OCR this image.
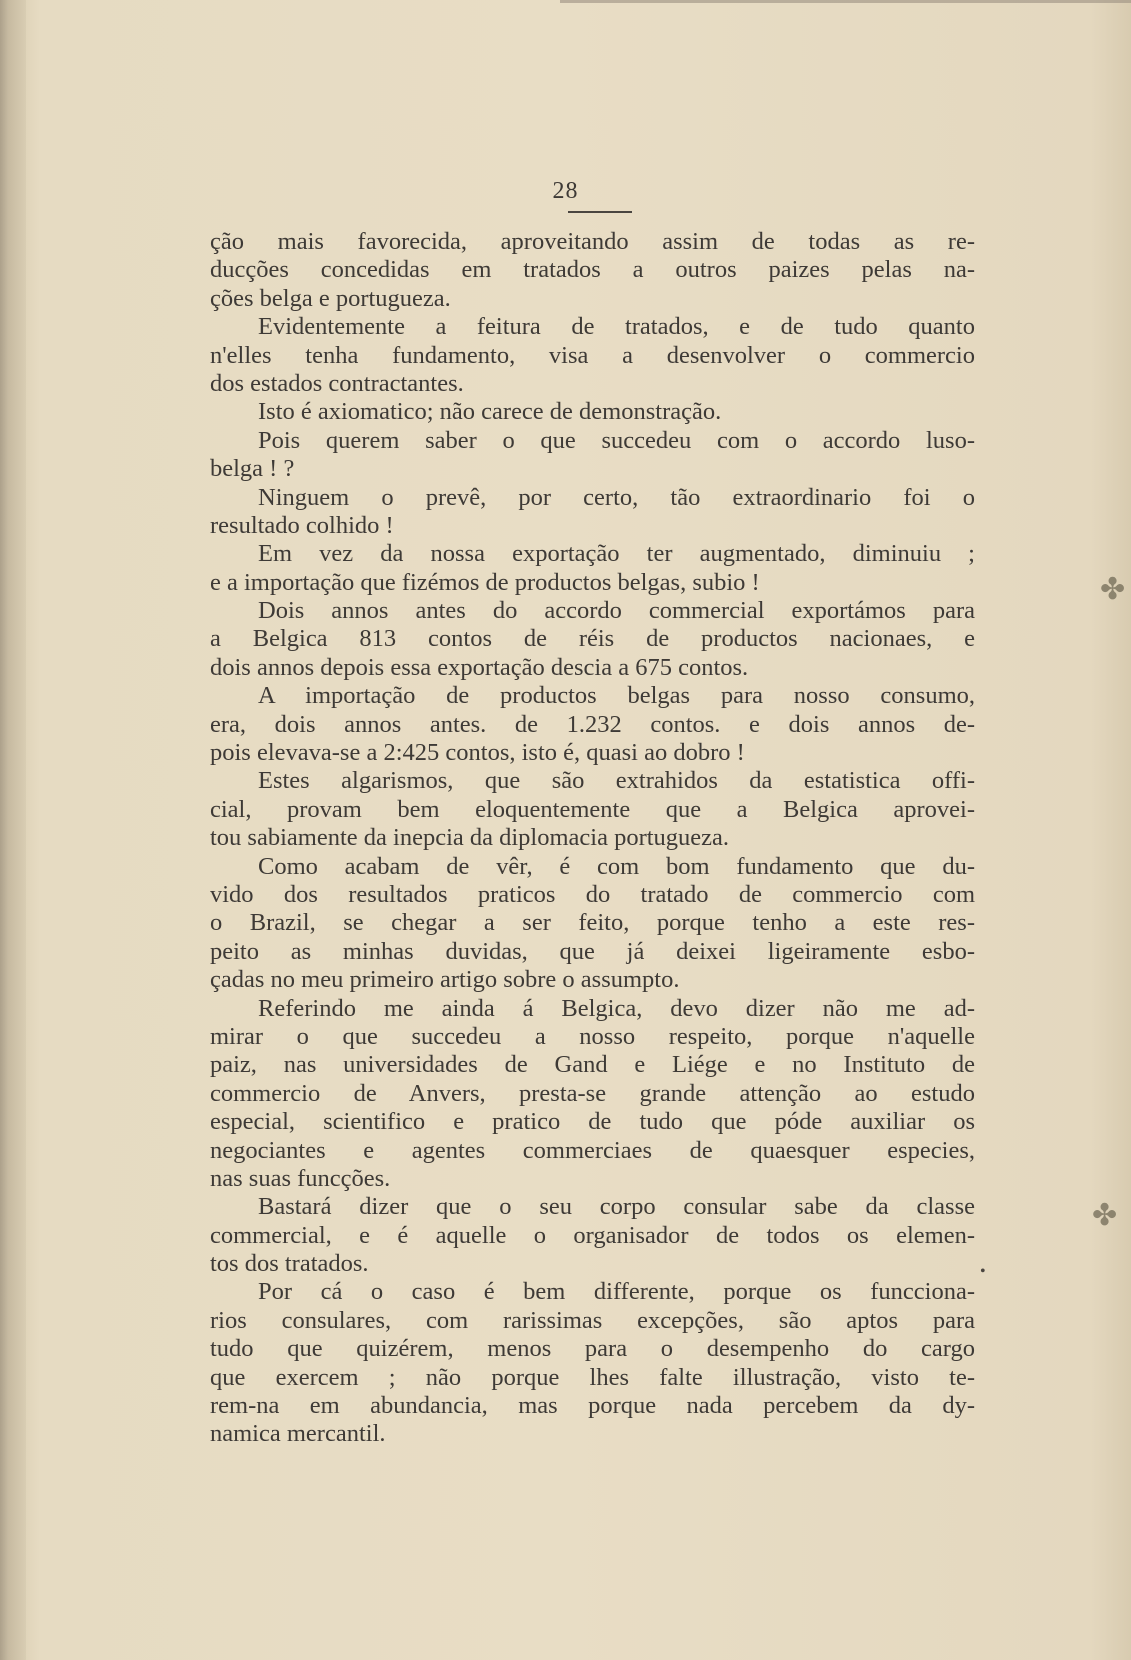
28
ção mais favorecida, aproveitando assim de todas as re-
ducções concedidas em tratados a outros paizes pelas na-
ções belga e portugueza.
Evidentemente a feitura de tratados, e de tudo quanto
n'elles tenha fundamento, visa a desenvolver o commercio
dos estados contractantes.
Isto é axiomatico; não carece de demonstração.
Pois querem saber o que succedeu com o accordo luso-
belga ! ?
Ninguem o prevê, por certo, tão extraordinario foi o
resultado colhido !
Em vez da nossa exportação ter augmentado, diminuiu ;
e a importação que fizémos de productos belgas, subio !
Dois annos antes do accordo commercial exportámos para
a Belgica 813 contos de réis de productos nacionaes, e
dois annos depois essa exportação descia a 675 contos.
A importação de productos belgas para nosso consumo,
era, dois annos antes. de 1.232 contos. e dois annos de-
pois elevava-se a 2:425 contos, isto é, quasi ao dobro !
Estes algarismos, que são extrahidos da estatistica offi-
cial, provam bem eloquentemente que a Belgica aprovei-
tou sabiamente da inepcia da diplomacia portugueza.
Como acabam de vêr, é com bom fundamento que du-
vido dos resultados praticos do tratado de commercio com
o Brazil, se chegar a ser feito, porque tenho a este res-
peito as minhas duvidas, que já deixei ligeiramente esbo-
çadas no meu primeiro artigo sobre o assumpto.
Referindo me ainda á Belgica, devo dizer não me ad-
mirar o que succedeu a nosso respeito, porque n'aquelle
paiz, nas universidades de Gand e Liége e no Instituto de
commercio de Anvers, presta-se grande attenção ao estudo
especial, scientifico e pratico de tudo que póde auxiliar os
negociantes e agentes commerciaes de quaesquer especies,
nas suas funcções.
Bastará dizer que o seu corpo consular sabe da classe
commercial, e é aquelle o organisador de todos os elemen-
tos dos tratados.
Por cá o caso é bem differente, porque os funcciona-
rios consulares, com rarissimas excepções, são aptos para
tudo que quizérem, menos para o desempenho do cargo
que exercem ; não porque lhes falte illustração, visto te-
rem-na em abundancia, mas porque nada percebem da dy-
namica mercantil.
✤
✤
•
